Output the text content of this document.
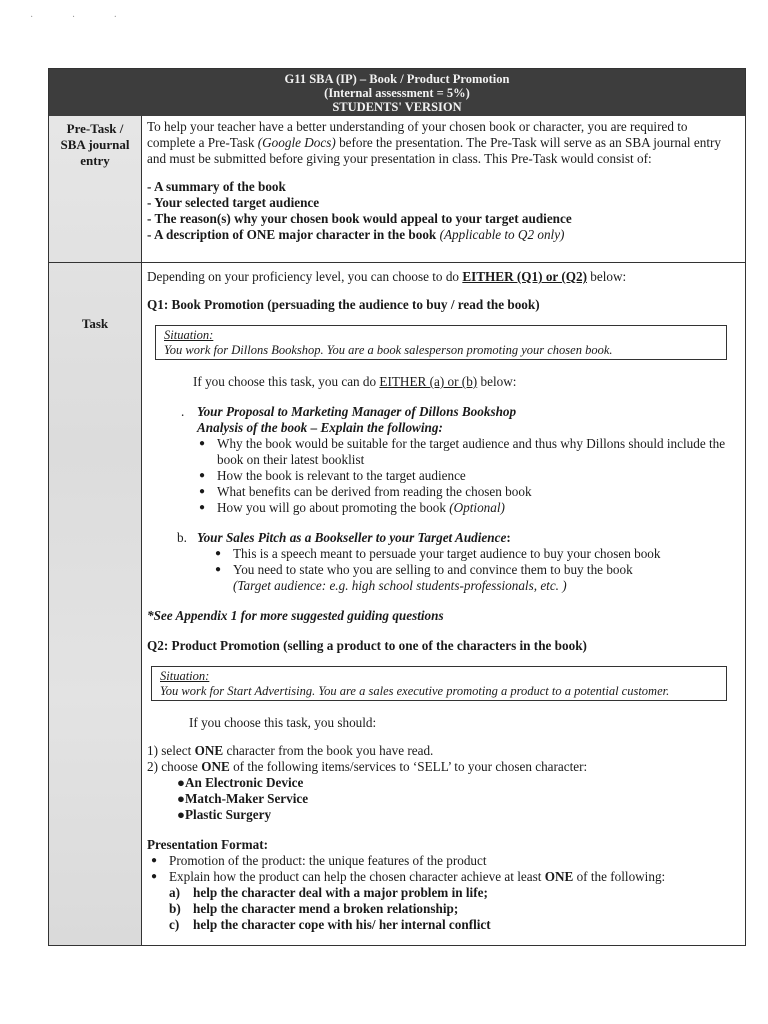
· · ·
G11 SBA (IP) – Book / Product Promotion
(Internal assessment = 5%)
STUDENTS' VERSION
Pre-Task /
SBA journal
entry
Task
To help your teacher have a better understanding of your chosen book or character, you are required to complete a Pre-Task (Google Docs) before the presentation. The Pre-Task will serve as an SBA journal entry and must be submitted before giving your presentation in class. This Pre-Task would consist of:
- A summary of the book
- Your selected target audience
- The reason(s) why your chosen book would appeal to your target audience
- A description of ONE major character in the book (Applicable to Q2 only)
Depending on your proficiency level, you can choose to do EITHER (Q1) or (Q2) below:
Q1: Book Promotion (persuading the audience to buy / read the book)
Situation:
You work for Dillons Bookshop. You are a book salesperson promoting your chosen book.
If you choose this task, you can do EITHER (a) or (b) below:
. Your Proposal to Marketing Manager of Dillons Bookshop
Analysis of the book – Explain the following:
● Why the book would be suitable for the target audience and thus why Dillons should include the book on their latest booklist
● How the book is relevant to the target audience
● What benefits can be derived from reading the chosen book
● How you will go about promoting the book (Optional)
b. Your Sales Pitch as a Bookseller to your Target Audience:
● This is a speech meant to persuade your target audience to buy your chosen book
● You need to state who you are selling to and convince them to buy the book
(Target audience: e.g. high school students-professionals, etc. )
*See Appendix 1 for more suggested guiding questions
Q2: Product Promotion (selling a product to one of the characters in the book)
Situation:
You work for Start Advertising. You are a sales executive promoting a product to a potential customer.
If you choose this task, you should:
1) select ONE character from the book you have read.
2) choose ONE of the following items/services to ‘SELL’ to your chosen character:
●An Electronic Device
●Match-Maker Service
●Plastic Surgery
Presentation Format:
● Promotion of the product: the unique features of the product
● Explain how the product can help the chosen character achieve at least ONE of the following:
a) help the character deal with a major problem in life;
b) help the character mend a broken relationship;
c) help the character cope with his/ her internal conflict
